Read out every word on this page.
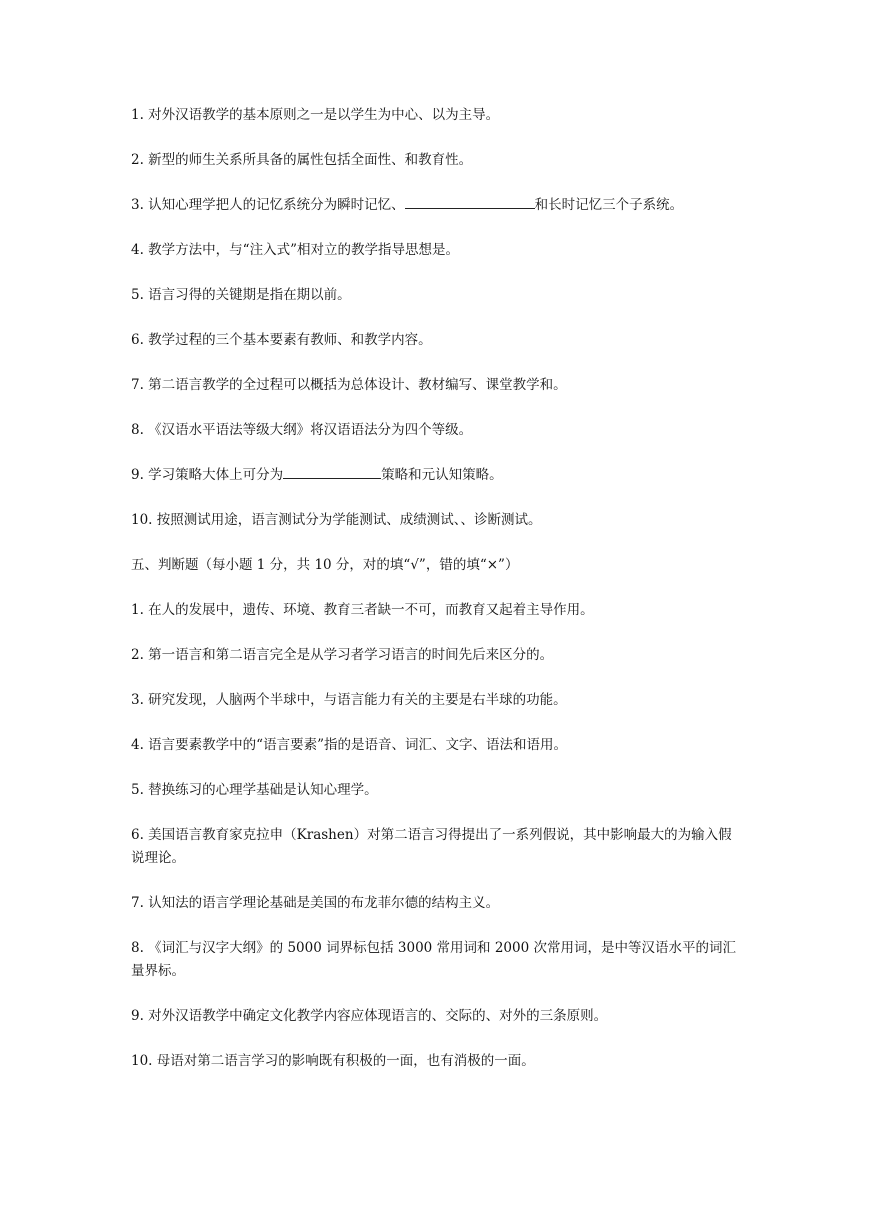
1. 对外汉语教学的基本原则之一是以学生为中心、以为主导。
2. 新型的师生关系所具备的属性包括全面性、和教育性。
3. 认知心理学把人的记忆系统分为瞬时记忆、	和长时记忆三个子系统。
4. 教学方法中，与“注入式”相对立的教学指导思想是。
5. 语言习得的关键期是指在期以前。
6. 教学过程的三个基本要素有教师、和教学内容。
7. 第二语言教学的全过程可以概括为总体设计、教材编写、课堂教学和。
8. 《汉语水平语法等级大纲》将汉语语法分为四个等级。
9. 学习策略大体上可分为	策略和元认知策略。
10. 按照测试用途，语言测试分为学能测试、成绩测试、、诊断测试。
五、判断题（每小题 1 分，共 10 分，对的填“√”，错的填“×”）
1. 在人的发展中，遗传、环境、教育三者缺一不可，而教育又起着主导作用。
2. 第一语言和第二语言完全是从学习者学习语言的时间先后来区分的。
3. 研究发现，人脑两个半球中，与语言能力有关的主要是右半球的功能。
4. 语言要素教学中的“语言要素”指的是语音、词汇、文字、语法和语用。
5. 替换练习的心理学基础是认知心理学。
6. 美国语言教育家克拉申（Krashen）对第二语言习得提出了一系列假说，其中影响最大的为输入假说理论。
7. 认知法的语言学理论基础是美国的布龙菲尔德的结构主义。
8. 《词汇与汉字大纲》的 5000 词界标包括 3000 常用词和 2000 次常用词，是中等汉语水平的词汇量界标。
9. 对外汉语教学中确定文化教学内容应体现语言的、交际的、对外的三条原则。
10. 母语对第二语言学习的影响既有积极的一面，也有消极的一面。
